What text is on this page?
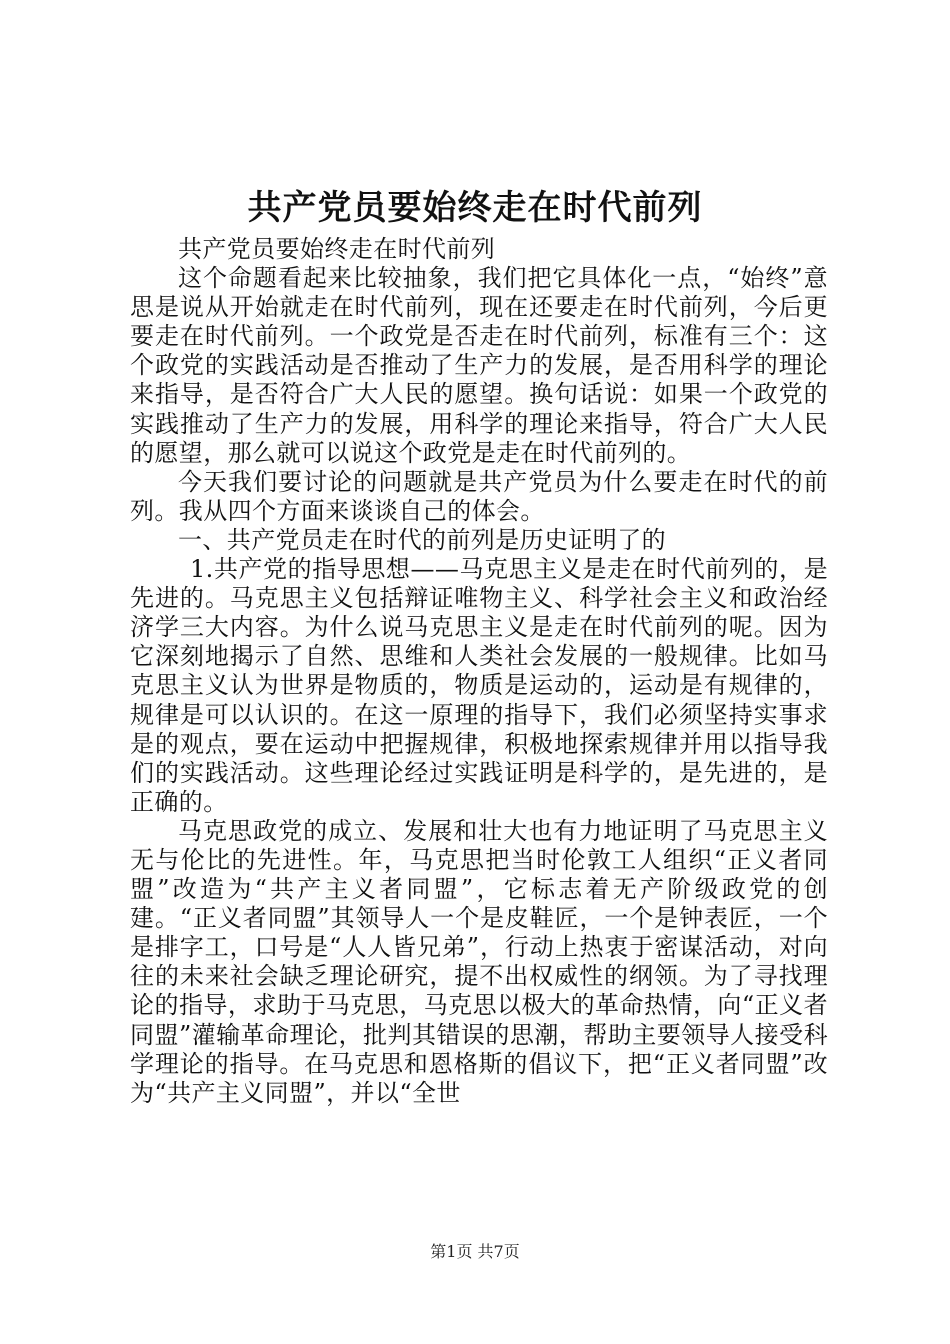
共产党员要始终走在时代前列

共产党员要始终走在时代前列

这个命题看起来比较抽象，我们把它具体化一点，“始终”意思是说从开始就走在时代前列，现在还要走在时代前列，今后更要走在时代前列。一个政党是否走在时代前列，标准有三个：这个政党的实践活动是否推动了生产力的发展，是否用科学的理论来指导，是否符合广大人民的愿望。换句话说：如果一个政党的实践推动了生产力的发展，用科学的理论来指导，符合广大人民的愿望，那么就可以说这个政党是走在时代前列的。

今天我们要讨论的问题就是共产党员为什么要走在时代的前列。我从四个方面来谈谈自己的体会。

一、共产党员走在时代的前列是历史证明了的

1.共产党的指导思想——马克思主义是走在时代前列的，是先进的。马克思主义包括辩证唯物主义、科学社会主义和政治经济学三大内容。为什么说马克思主义是走在时代前列的呢。因为它深刻地揭示了自然、思维和人类社会发展的一般规律。比如马克思主义认为世界是物质的，物质是运动的，运动是有规律的，规律是可以认识的。在这一原理的指导下，我们必须坚持实事求是的观点，要在运动中把握规律，积极地探索规律并用以指导我们的实践活动。这些理论经过实践证明是科学的，是先进的，是正确的。

马克思政党的成立、发展和壮大也有力地证明了马克思主义无与伦比的先进性。年，马克思把当时伦敦工人组织“正义者同盟”改造为“共产主义者同盟”，它标志着无产阶级政党的创建。“正义者同盟”其领导人一个是皮鞋匠，一个是钟表匠，一个是排字工，口号是“人人皆兄弟”，行动上热衷于密谋活动，对向往的未来社会缺乏理论研究，提不出权威性的纲领。为了寻找理论的指导，求助于马克思，马克思以极大的革命热情，向“正义者同盟”灌输革命理论，批判其错误的思潮，帮助主要领导人接受科学理论的指导。在马克思和恩格斯的倡议下，把“正义者同盟”改为“共产主义同盟”，并以“全世

第1页 共7页
